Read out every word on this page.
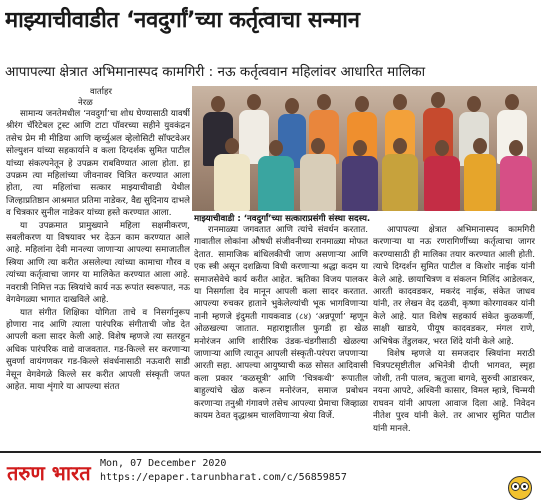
माझ्याचीवाडीत ‘नवदुर्गां’च्या कर्तृत्वाचा सन्मान
आपापल्या क्षेत्रात अभिमानास्पद कामगिरी : नऊ कर्तृत्ववान महिलांवर आधारित मालिका
वार्ताहर
नेरळ

सामान्य जनतेमधील ‘नवदुर्गां’चा शोध घेण्यासाठी यावर्षी श्रीरंग चॅरिटेबल ट्रस्ट आणि टाटा पॉवरच्या सहीने युवकंद्रन तसेच प्रेम मी मीडिया आणि व्हर्च्युअल व्हेलोसिटी सॉफ्टवेअर सोल्युशन यांच्या सहकार्याने व कला दिग्दर्शक सुमित पाटील यांच्या संकल्पनेतून हे उपक्रम राबविण्यात आला होता. हा उपक्रम त्या महिलांच्या जीवनावर चित्रित करण्यात आला होता, त्या महिलांचा सत्कार माझ्याचीवाडी येथील जिल्हाप्रतिष्ठान आश्रमात प्रतिमा नाडेकर, वैद्य सुदिनाय दाभले व चित्रकार सुनील नाडेकर यांच्या हस्ते करण्यात आला.

या उपक्रमात प्रामुख्याने महिला सक्षमीकरण, सबलीकरण या विषयावर भर देऊन काम करण्यात आले आहे. महिलांना देवी मानल्या जाणाऱ्या आपल्या समाजातील स्त्रिया आणि त्या करीत असलेल्या त्यांच्या कामाचा गौरव व त्यांच्या कर्तृत्वाचा जागर या मालिकेत करण्यात आला आहे. नवरात्री निमित्त नऊ स्त्रियांचे कार्य नऊ रूपांत स्वरूपात, नऊ वेगवेगळ्या भागात दाखविले आहे.

यात संगीत शिक्षिका योगिता ताचे व निसर्गानुरूप होणारा नाद आणि त्याला पारंपरिक संगीताची जोड देत आपली कला सादर केली आहे. विशेष म्हणजे त्या सतरहून अधिक पारंपरिक वाद्ये वाजवतात. गड-किल्ले सर करणाऱ्या सुवर्णा वायंगणकर गड-किल्ले संवर्धनासाठी नऊवारी साडी नेसून वेगवेगळे किल्ले सर करीत आपली संस्कृती जपत आहेत. माया शृंगारे या आपल्या संतत

माझ्याचीवाडी : ‘नवदुर्गां’च्या सत्काराप्रसंगी संस्था सदस्य.

रानमाळ्या जगवतात आणि त्यांचे संवर्धन करतात. गावातील लोकांना औषधी संजीवनीच्या रानमाळ्या मोफत देतात. सामाजिक बांधिलकीची जाण असणाऱ्या आणि एक स्त्री असून दशक्रिया विधी करणाऱ्या श्रद्धा कदम या समाजसेवेचे कार्य करीत आहेत. ऋतिका विजय पालकर या निसर्गाला देव मानून आपली कला सादर करतात. आपल्या रुचकर हाताने भुकेलेल्यांची भूक भागविणाऱ्या नानी म्हणजे इंदुमती गायकवाड (८४) ‘अन्नपूर्णा’ म्हणून ओळखल्या जातात. महाराष्ट्रातील फुगडी हा खेळ मनोरंजन आणि शारीरिक उंडक-चंडगीसाठी खेळल्या जाणाऱ्या आणि त्यातून आपली संस्कृती-परंपरा जपणाऱ्या आरती सहा. आपल्या आयुष्याची कळ सोसत आदिवासी कला प्रकार ‘कळसूत्री’ आणि ‘चित्रकथी’ रूपातील बाहुल्यांचे खेळ करून मनोरंजन, समाज प्रबोधन करणाऱ्या तनुश्री गंगावणे तसेच आपल्या प्रेमाचा जिव्हाळा कायम ठेवत वृद्धाश्रम चालविणाऱ्या श्रेया विर्जे.

आपापल्या क्षेत्रात अभिमानास्पद कामगिरी करणाऱ्या या नऊ रणरागिणींच्या कर्तृत्वाचा जागर करण्यासाठी ही मालिका तयार करण्यात आली होती. त्याचे दिग्दर्शन सुमित पाटील व किशोर नाईक यांनी केले आहे. छायाचित्रण व संकलन मिलिंद आडेलकर, आरती कादवडकर, मकरंद नाईक, संकेत जाधव यांनी, तर लेखन वेद दळवी, कृष्णा कोरगावकर यांनी केले आहे. यात विशेष सहकार्य संकेत कुळकर्णी, साक्षी खाडये, पीयूष कादवडकर, मंगल राणे, अभिषेक तेंडुलकर, भरत शिंदे यांनी केले आहे.

विशेष म्हणजे या समजदार स्त्रियांना मराठी चित्रपटसृष्टीतील अभिनेत्री दीप्ती भागवत, स्मृहा जोशी, तनी पालव, ऋतुजा बागवे, सुरुची आडारकर, नयना आपटे, अश्विनी कासार, विमल म्हात्रे, चिन्मयी राघवन यांनी आपला आवाज दिला आहे. निवेदन नीतेश पुरव यांनी केले. तर आभार सुमित पाटील यांनी मानले.

तरुण भारत Mon, 07 December 2020
https://epaper.tarunbharat.com/c/56859857
